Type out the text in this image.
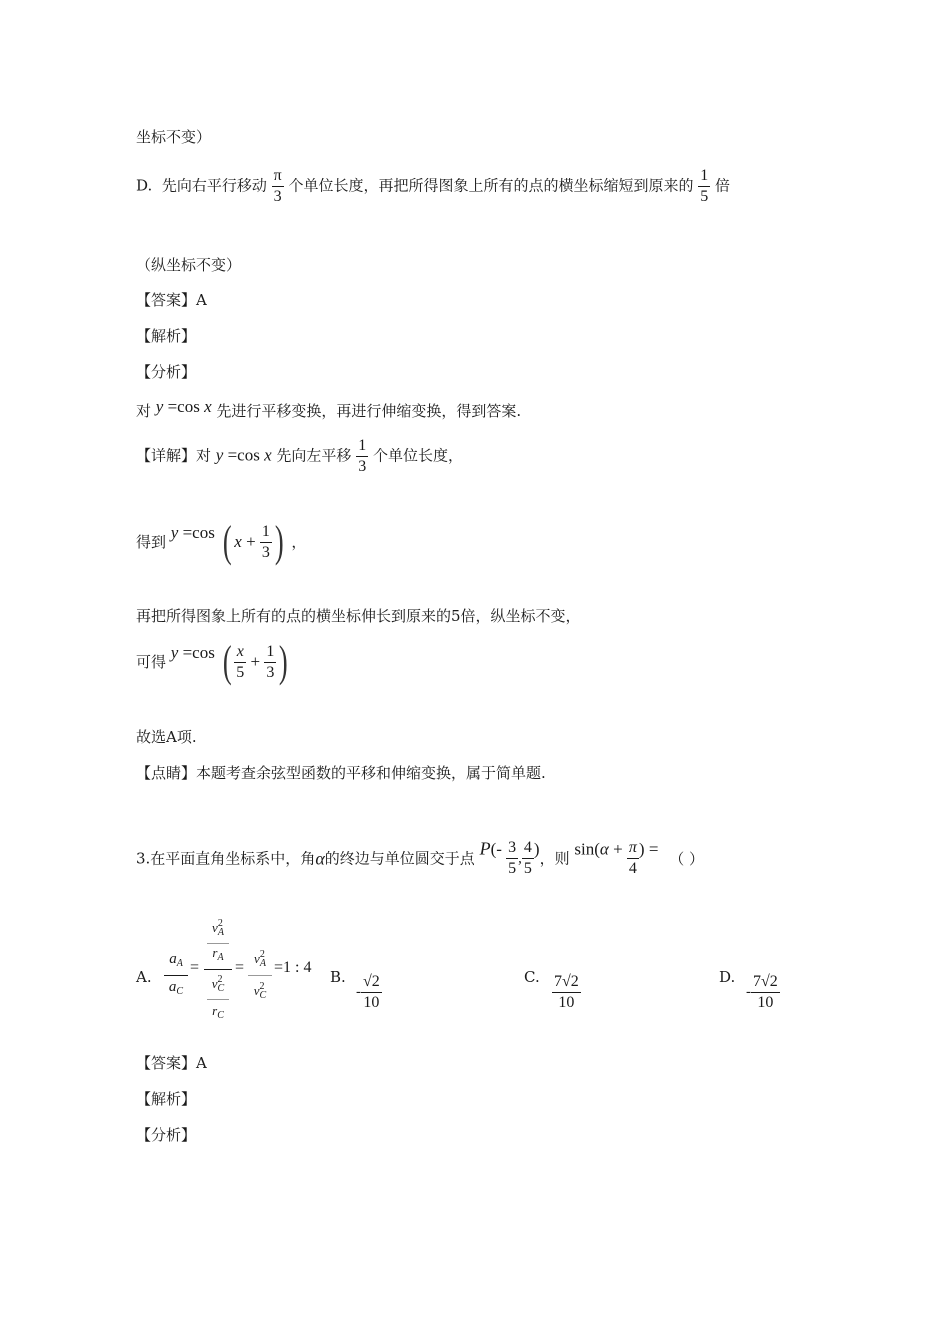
坐标不变）
D. 先向右平行移动 $\frac{\pi}{3}$ 个单位长度，再把所得图象上所有的点的横坐标缩短到原来的 $\frac{1}{5}$ 倍
（纵坐标不变）
【答案】A
【解析】
【分析】
对 y =cos x 先进行平移变换，再进行伸缩变换，得到答案.
【详解】对 y =cos x 先向左平移 $\frac{1}{3}$ 个单位长度，
得到 y =cos ( $x + \frac{1}{3}$ ) ，
再把所得图象上所有的点的横坐标伸长到原来的5倍，纵坐标不变，
可得 y =cos ( $\frac{x}{5} + \frac{1}{3}$ )
故选A项.
【点睛】本题考查余弦型函数的平移和伸缩变换，属于简单题.
3.在平面直角坐标系中，角α的终边与单位圆交于点 $P(- \frac{3}{5}$ , $\frac{4}{5}$ )，则 $\sin(\alpha + \frac{\pi}{4}$ ) = （ ）
A.
$a_A$
$a_C$
=
$v^2_A$
$r_A$
$v^2_C$
$r_C$
=
$v^2_A$
$v^2_C$
=1 : 4
B.
- $\frac{√2}{10}$	C. $\frac{7√2}{10}$	D.
- $\frac{7√2}{10}$
【答案】A
【解析】
【分析】
